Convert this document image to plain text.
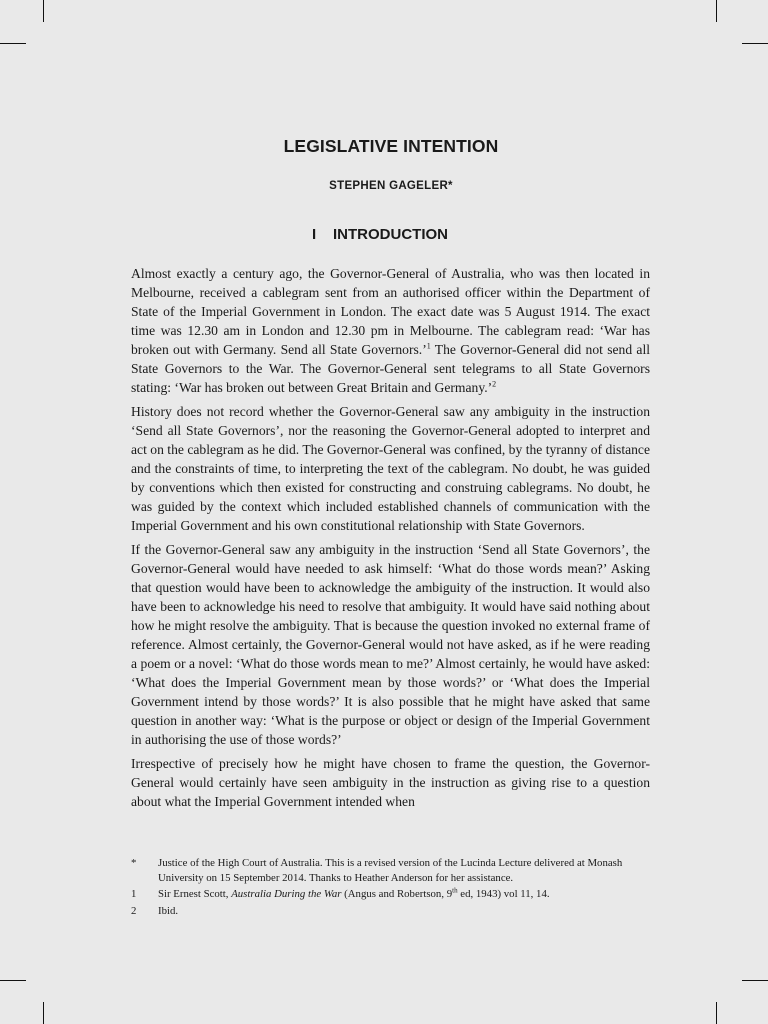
LEGISLATIVE INTENTION
STEPHEN GAGELER*
I INTRODUCTION

Almost exactly a century ago, the Governor-General of Australia, who was then located in Melbourne, received a cablegram sent from an authorised officer within the Department of State of the Imperial Government in London. The exact date was 5 August 1914. The exact time was 12.30 am in London and 12.30 pm in Melbourne. The cablegram read: ‘War has broken out with Germany. Send all State Governors.’$^1$ The Governor-General did not send all State Governors to the War. The Governor-General sent telegrams to all State Governors stating: ‘War has broken out between Great Britain and Germany.’$^2$

History does not record whether the Governor-General saw any ambiguity in the instruction ‘Send all State Governors’, nor the reasoning the Governor-General adopted to interpret and act on the cablegram as he did. The Governor-General was confined, by the tyranny of distance and the constraints of time, to interpreting the text of the cablegram. No doubt, he was guided by conventions which then existed for constructing and construing cablegrams. No doubt, he was guided by the context which included established channels of communication with the Imperial Government and his own constitutional relationship with State Governors.

If the Governor-General saw any ambiguity in the instruction ‘Send all State Governors’, the Governor-General would have needed to ask himself: ‘What do those words mean?’ Asking that question would have been to acknowledge the ambiguity of the instruction. It would also have been to acknowledge his need to resolve that ambiguity. It would have said nothing about how he might resolve the ambiguity. That is because the question invoked no external frame of reference. Almost certainly, the Governor-General would not have asked, as if he were reading a poem or a novel: ‘What do those words mean to me?’ Almost certainly, he would have asked: ‘What does the Imperial Government mean by those words?’ or ‘What does the Imperial Government intend by those words?’ It is also possible that he might have asked that same question in another way: ‘What is the purpose or object or design of the Imperial Government in authorising the use of those words?’

Irrespective of precisely how he might have chosen to frame the question, the Governor-General would certainly have seen ambiguity in the instruction as giving rise to a question about what the Imperial Government intended when

*	Justice of the High Court of Australia. This is a revised version of the Lucinda Lecture delivered at Monash University on 15 September 2014. Thanks to Heather Anderson for her assistance.
1	Sir Ernest Scott, Australia During the War (Angus and Robertson, 9th ed, 1943) vol 11, 14.
2	Ibid.
